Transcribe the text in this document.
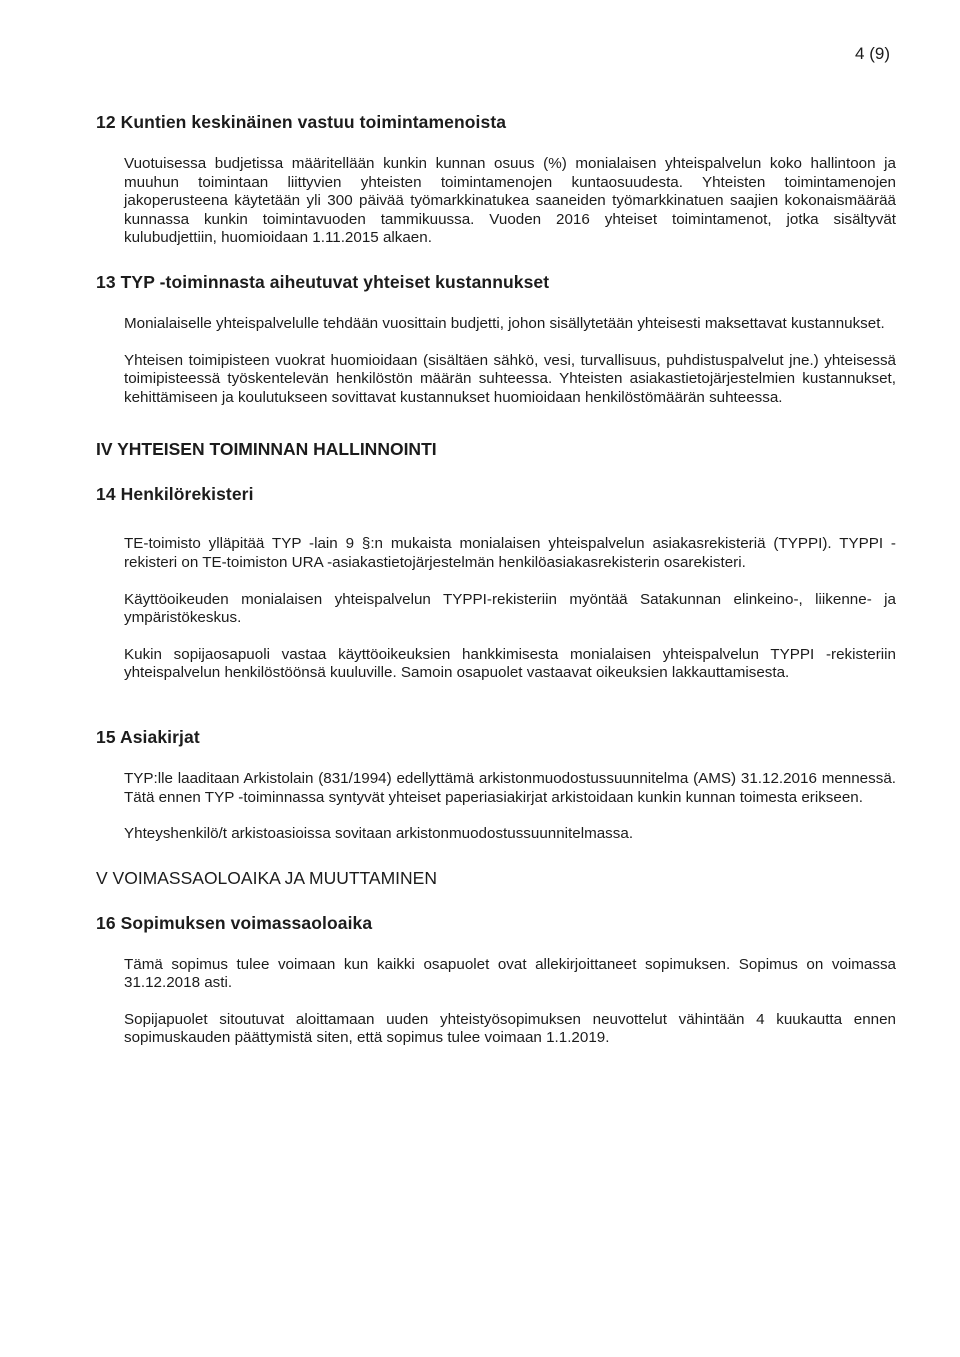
4 (9)
12 Kuntien keskinäinen vastuu toimintamenoista

Vuotuisessa budjetissa määritellään kunkin kunnan osuus (%) monialaisen yhteispalvelun koko hallintoon ja muuhun toimintaan liittyvien yhteisten toimintamenojen kuntaosuudesta. Yhteisten toimintamenojen jakoperusteena käytetään yli 300 päivää työmarkkinatukea saaneiden työmarkkinatuen saajien kokonaismäärää kunnassa kunkin toimintavuoden tammikuussa. Vuoden 2016 yhteiset toimintamenot, jotka sisältyvät kulubudjettiin, huomioidaan 1.11.2015 alkaen.

13 TYP -toiminnasta aiheutuvat yhteiset kustannukset

Monialaiselle yhteispalvelulle tehdään vuosittain budjetti, johon sisällytetään yhteisesti maksettavat kustannukset.

Yhteisen toimipisteen vuokrat huomioidaan (sisältäen sähkö, vesi, turvallisuus, puhdistuspalvelut jne.) yhteisessä toimipisteessä työskentelevän henkilöstön määrän suhteessa. Yhteisten asiakastietojärjestelmien kustannukset, kehittämiseen ja koulutukseen sovittavat kustannukset huomioidaan henkilöstömäärän suhteessa.

IV YHTEISEN TOIMINNAN HALLINNOINTI
14 Henkilörekisteri

TE-toimisto ylläpitää TYP -lain 9 §:n mukaista monialaisen yhteispalvelun asiakasrekisteriä (TYPPI). TYPPI -rekisteri on TE-toimiston URA -asiakastietojärjestelmän henkilöasiakasrekisterin osarekisteri.

Käyttöoikeuden monialaisen yhteispalvelun TYPPI-rekisteriin myöntää Satakunnan elinkeino-, liikenne- ja ympäristökeskus.

Kukin sopijaosapuoli vastaa käyttöoikeuksien hankkimisesta monialaisen yhteispalvelun TYPPI -rekisteriin yhteispalvelun henkilöstöönsä kuuluville. Samoin osapuolet vastaavat oikeuksien lakkauttamisesta.

15 Asiakirjat

TYP:lle laaditaan Arkistolain (831/1994) edellyttämä arkistonmuodostussuunnitelma (AMS) 31.12.2016 mennessä. Tätä ennen TYP -toiminnassa syntyvät yhteiset paperiasiakirjat arkistoidaan kunkin kunnan toimesta erikseen.

Yhteyshenkilö/t arkistoasioissa sovitaan arkistonmuodostussuunnitelmassa.

V VOIMASSAOLOAIKA JA MUUTTAMINEN
16 Sopimuksen voimassaoloaika

Tämä sopimus tulee voimaan kun kaikki osapuolet ovat allekirjoittaneet sopimuksen. Sopimus on voimassa 31.12.2018 asti.

Sopijapuolet sitoutuvat aloittamaan uuden yhteistyösopimuksen neuvottelut vähintään 4 kuukautta ennen sopimuskauden päättymistä siten, että sopimus tulee voimaan 1.1.2019.
